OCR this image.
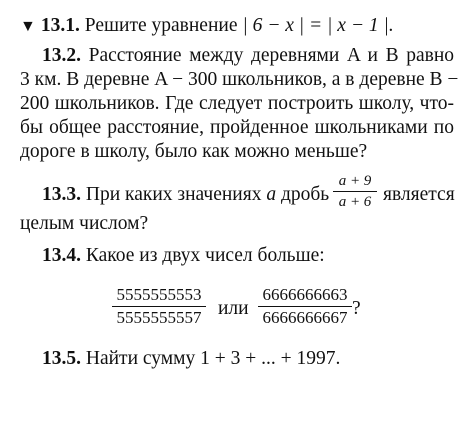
▼ 13.1. Решите уравнение | 6 − x | = | x − 1 |.
13.2. Расстояние между деревнями A и B равно
3 км. В деревне A − 300 школьников, а в деревне B −
200 школьников. Где следует построить школу, что-
бы общее расстояние, пройденное школьниками по
дороге в школу, было как можно меньше?
13.3. При каких значениях a дробь
a + 9
a + 6 является
целым числом?
13.4. Какое из двух чисел больше:
5555555553
5555555557 или
6666666663
6666666667 ?
13.5. Найти сумму 1 + 3 + ... + 1997.
